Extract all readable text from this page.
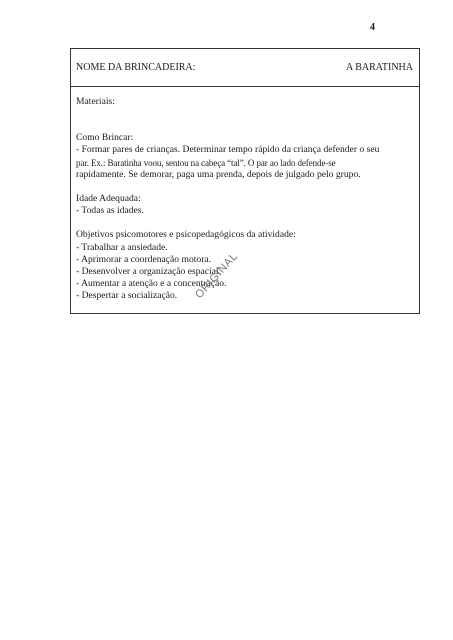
4
NOME DA BRINCADEIRA:	A BARATINHA
Materiais:
Como Brincar:
- Formar pares de crianças. Determinar tempo rápido da criança defender o seu
par. Ex.: Baratinha voou, sentou na cabeça “tal”. O par ao lado defende-se
rapidamente. Se demorar, paga uma prenda, depois de julgado pelo grupo.
Idade Adequada:
- Todas as idades.
Objetivos psicomotores e psicopedagógicos da atividade:
- Trabalhar a ansiedade.
- Aprimorar a coordenação motora.
- Desenvolver a organização espacial.
- Aumentar a atenção e a concentração.
- Despertar a socialização.	ORIGINAL
